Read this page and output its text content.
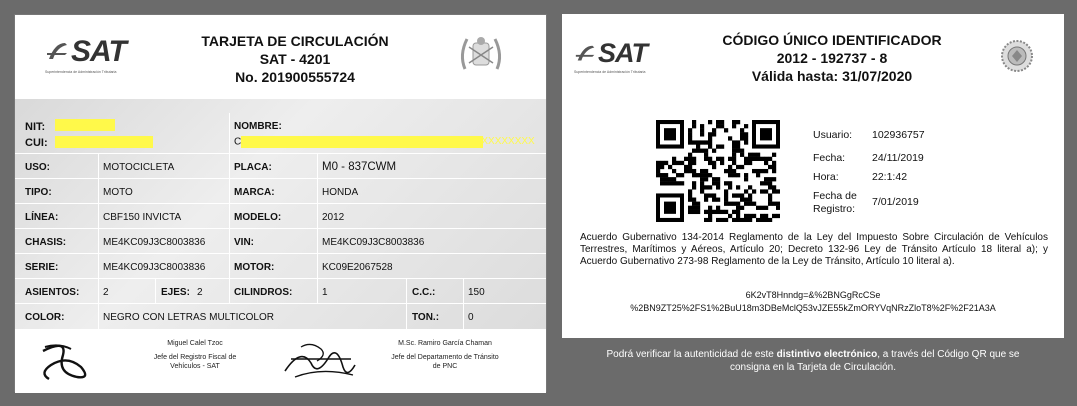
SAT
Superintendencia de Administración Tributaria
TARJETA DE CIRCULACIÓN
SAT - 4201
No. 201900555724
NIT: XXXXXXXX
CUI: XXXXXXXXXXXXX
NOMBRE:
CXXXXXXXXXXXXXXXXXXXXXXXXXXXXXXXXXXXXXXXXXXXX
USO:	MOTOCICLETA	PLACA:	M0 - 837CWM
TIPO:	MOTO	MARCA:	HONDA
LÍNEA:	CBF150 INVICTA	MODELO:	2012
CHASIS:	ME4KC09J3C8003836	VIN:	ME4KC09J3C8003836
SERIE:	ME4KC09J3C8003836	MOTOR:	KC09E2067528
ASIENTOS: 2	EJES: 2	CILINDROS:	1	C.C.:	150
COLOR:	NEGRO CON LETRAS MULTICOLOR	TON.:	0
Miguel Calel Tzoc
Jefe del Registro Fiscal de
Vehículos - SAT
M.Sc. Ramiro García Chaman
Jefe del Departamento de Tránsito
de PNC
SAT
Superintendencia de Administración Tributaria
CÓDIGO ÚNICO IDENTIFICADOR
2012 - 192737 - 8
Válida hasta: 31/07/2020
Usuario: 102936757
Fecha:	24/11/2019
Hora:	22:1:42
Fecha de
Registro:
7/01/2019
Acuerdo Gubernativo 134-2014 Reglamento de la Ley del Impuesto Sobre Circulación de Vehículos Terrestres, Marítimos y Aéreos, Artículo 20; Decreto 132-96 Ley de Tránsito Artículo 18 literal a); y Acuerdo Gubernativo 273-98 Reglamento de la Ley de Tránsito, Artículo 10 literal a).
6K2vT8Hnndg=&%2BNGgRcCSe
%2BN9ZT25%2FS1%2BuU18m3DBeMclQ53vJZE55kZmORYVqNRzZloT8%2F%2F21A3A
Podrá verificar la autenticidad de este distintivo electrónico, a través del Código QR que se
consigna en la Tarjeta de Circulación.
